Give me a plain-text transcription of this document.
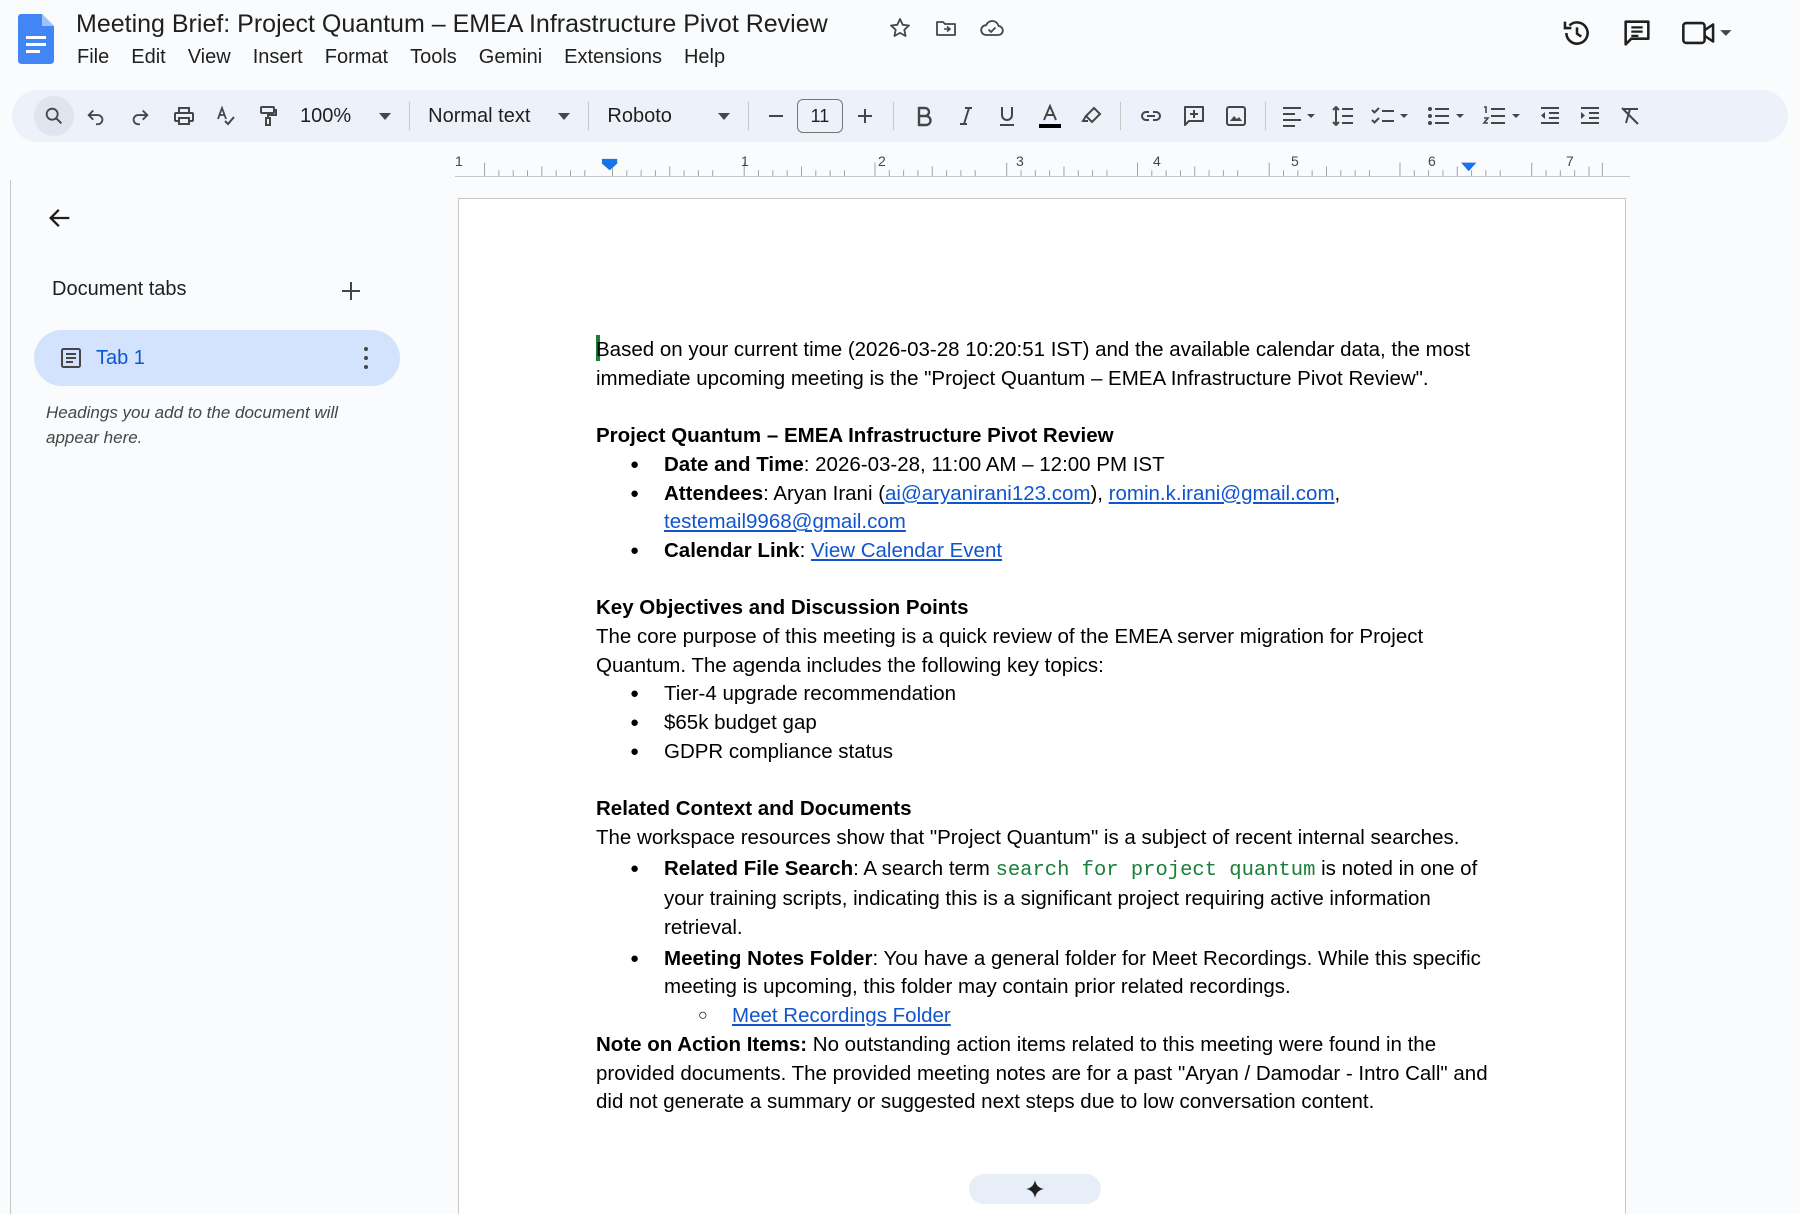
Meeting Brief: Project Quantum – EMEA Infrastructure Pivot Review
File	Edit	View	Insert	Format	Tools	Gemini	Extensions	Help
100%	Normal text	Roboto	11
1	1	2	3	4	5	6	7
Document tabs
Tab 1
Headings you add to the document will appear here.

Based on your current time (2026-03-28 10:20:51 IST) and the available calendar data, the most immediate upcoming meeting is the "Project Quantum – EMEA Infrastructure Pivot Review".

Project Quantum – EMEA Infrastructure Pivot Review

● Date and Time: 2026-03-28, 11:00 AM – 12:00 PM IST
● Attendees: Aryan Irani (ai@aryanirani123.com), romin.k.irani@gmail.com, testemail9968@gmail.com
● Calendar Link: View Calendar Event

Key Objectives and Discussion Points

The core purpose of this meeting is a quick review of the EMEA server migration for Project Quantum. The agenda includes the following key topics:

● Tier-4 upgrade recommendation
● $65k budget gap
● GDPR compliance status

Related Context and Documents

The workspace resources show that "Project Quantum" is a subject of recent internal searches.

● Related File Search: A search term search for project quantum is noted in one of your training scripts, indicating this is a significant project requiring active information retrieval.
● Meeting Notes Folder: You have a general folder for Meet Recordings. While this specific meeting is upcoming, this folder may contain prior related recordings.
○ Meet Recordings Folder

Note on Action Items: No outstanding action items related to this meeting were found in the provided documents. The provided meeting notes are for a past "Aryan / Damodar - Intro Call" and did not generate a summary or suggested next steps due to low conversation content.
